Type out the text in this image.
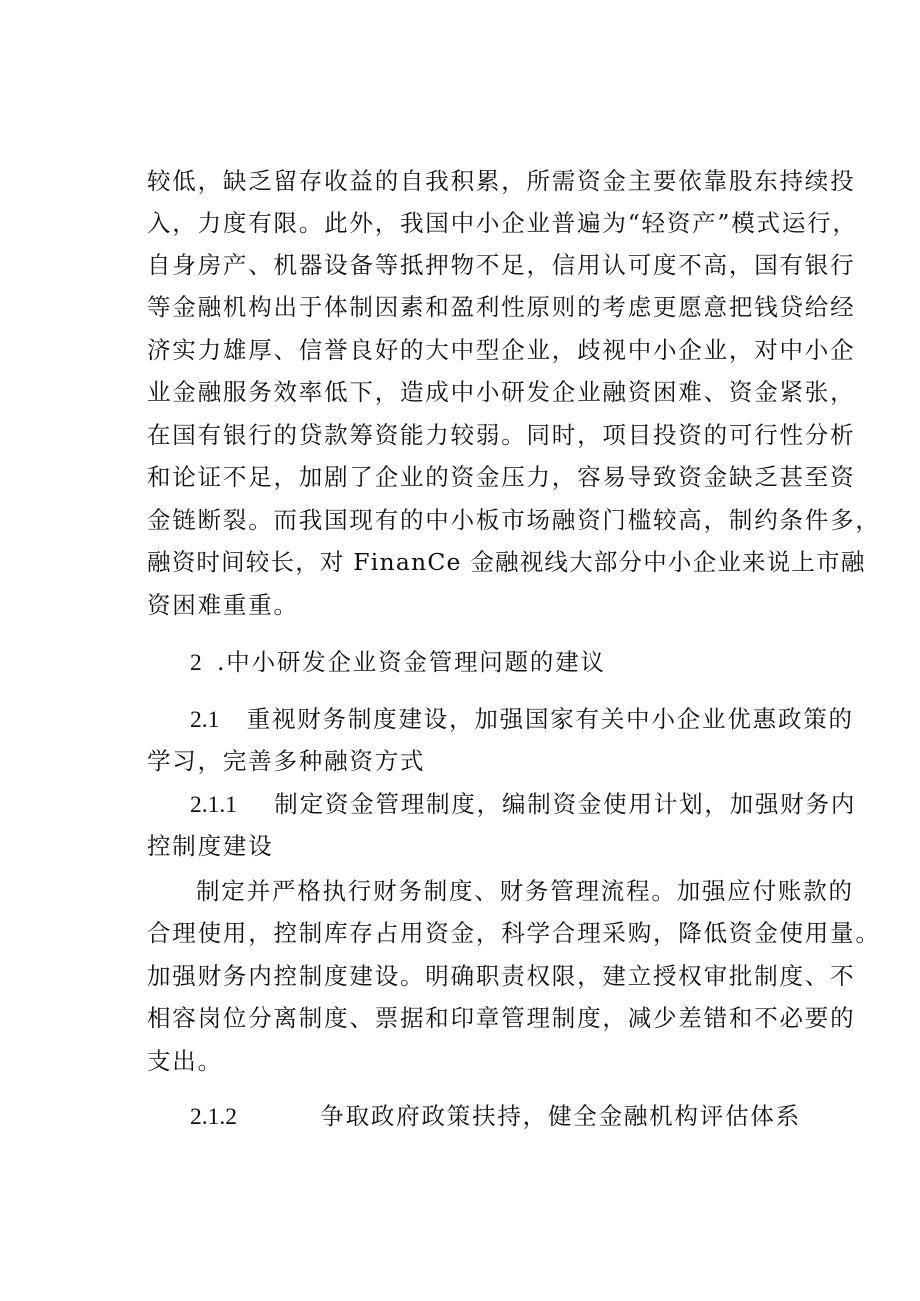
较低，缺乏留存收益的自我积累，所需资金主要依靠股东持续投
入，力度有限。此外，我国中小企业普遍为“轻资产”模式运行，
自身房产、机器设备等抵押物不足，信用认可度不高，国有银行
等金融机构出于体制因素和盈利性原则的考虑更愿意把钱贷给经
济实力雄厚、信誉良好的大中型企业，歧视中小企业，对中小企
业金融服务效率低下，造成中小研发企业融资困难、资金紧张，
在国有银行的贷款筹资能力较弱。同时，项目投资的可行性分析
和论证不足，加剧了企业的资金压力，容易导致资金缺乏甚至资
金链断裂。而我国现有的中小板市场融资门槛较高，制约条件多，
融资时间较长，对 FinanCe 金融视线大部分中小企业来说上市融
资困难重重。
2 .中小研发企业资金管理问题的建议
2.1 重视财务制度建设，加强国家有关中小企业优惠政策的
学习，完善多种融资方式
2.1.1 制定资金管理制度，编制资金使用计划，加强财务内
控制度建设
制定并严格执行财务制度、财务管理流程。加强应付账款的
合理使用，控制库存占用资金，科学合理采购，降低资金使用量。
加强财务内控制度建设。明确职责权限，建立授权审批制度、不
相容岗位分离制度、票据和印章管理制度，减少差错和不必要的
支出。
2.1.2	争取政府政策扶持，健全金融机构评估体系
